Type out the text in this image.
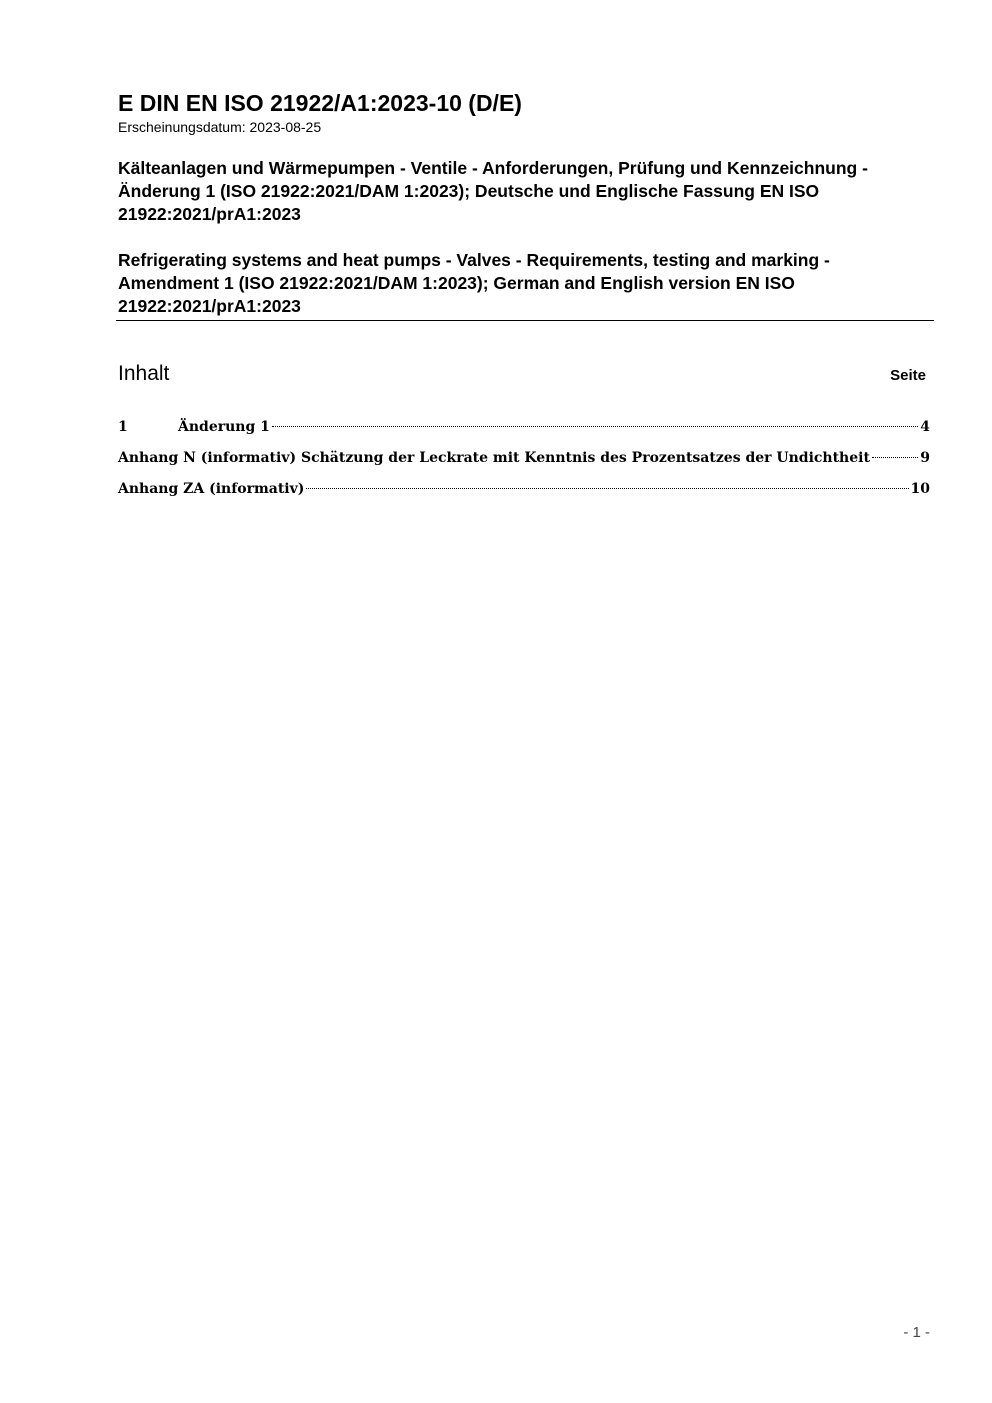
E DIN EN ISO 21922/A1:2023-10 (D/E)
Erscheinungsdatum: 2023-08-25
Kälteanlagen und Wärmepumpen - Ventile - Anforderungen, Prüfung und Kennzeichnung - Änderung 1 (ISO 21922:2021/DAM 1:2023); Deutsche und Englische Fassung EN ISO 21922:2021/prA1:2023
Refrigerating systems and heat pumps - Valves - Requirements, testing and marking - Amendment 1 (ISO 21922:2021/DAM 1:2023); German and English version EN ISO 21922:2021/prA1:2023
Inhalt	Seite
1	Änderung 1	4
Anhang N (informativ) Schätzung der Leckrate mit Kenntnis des Prozentsatzes der Undichtheit	9
Anhang ZA (informativ)	10
- 1 -
